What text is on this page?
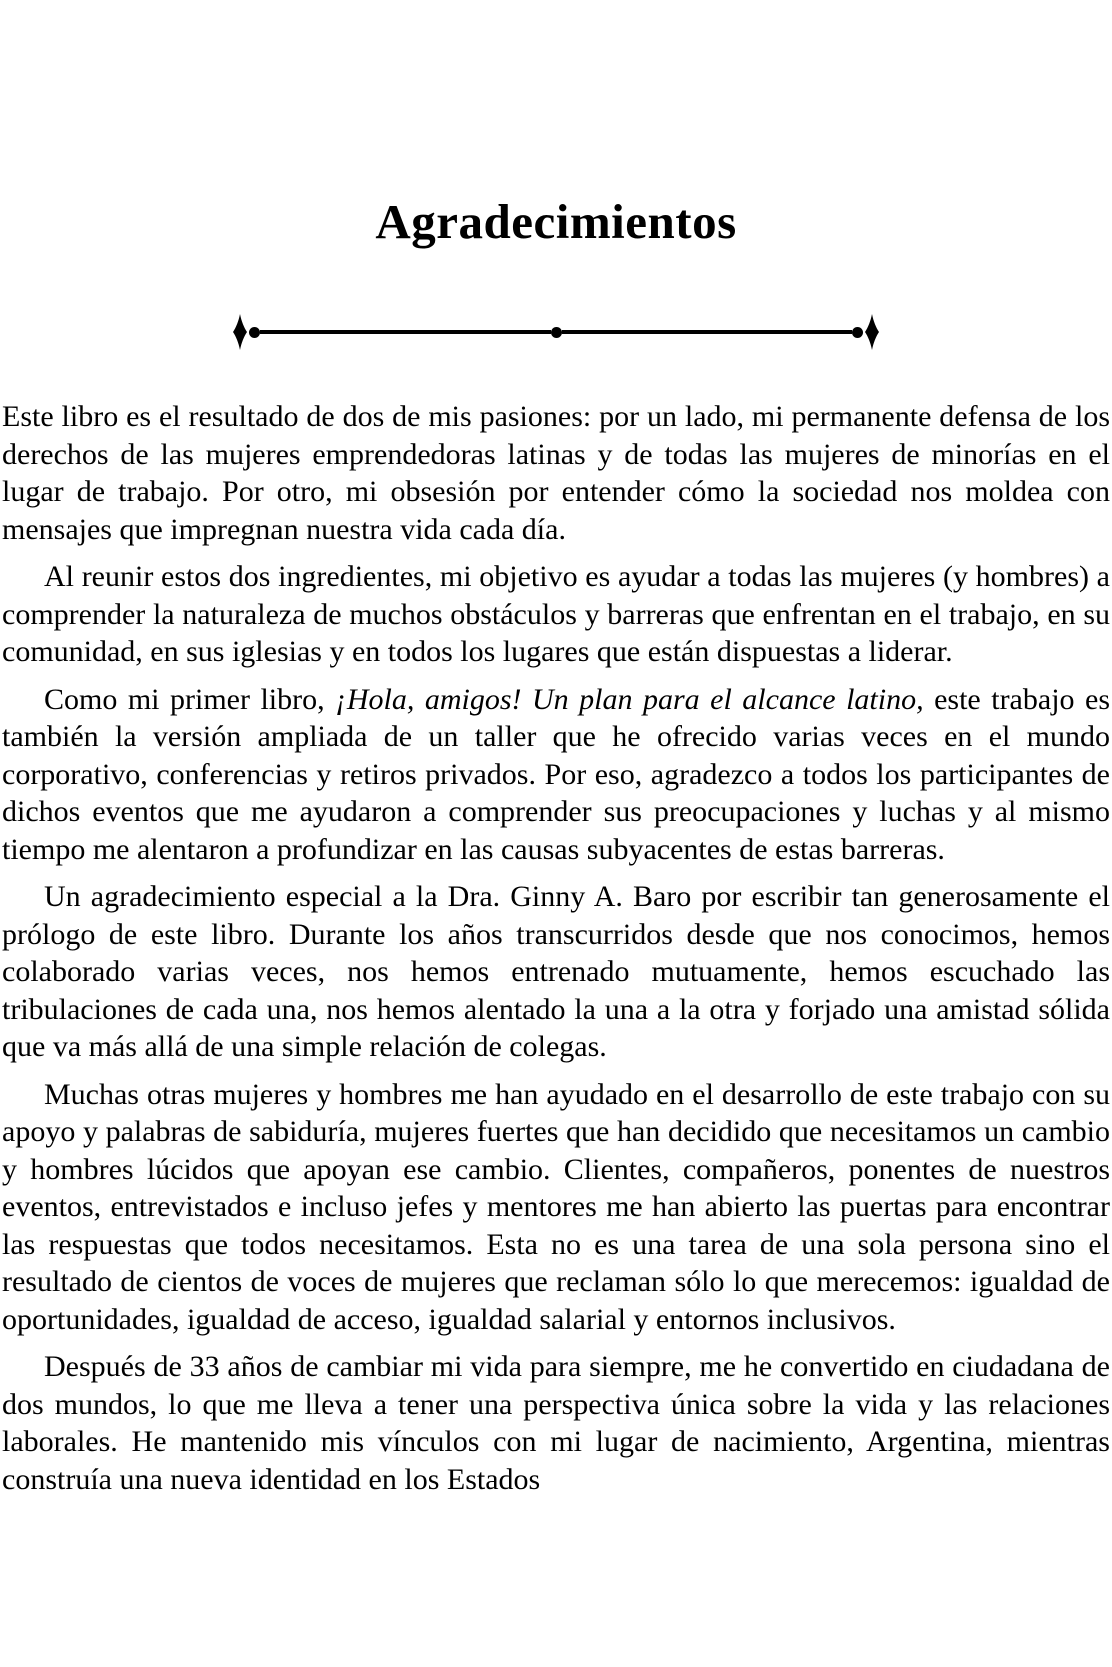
Agradecimientos

Este libro es el resultado de dos de mis pasiones: por un lado, mi permanente defensa de los derechos de las mujeres emprendedoras latinas y de todas las mujeres de minorías en el lugar de trabajo. Por otro, mi obsesión por entender cómo la sociedad nos moldea con mensajes que impregnan nuestra vida cada día.

Al reunir estos dos ingredientes, mi objetivo es ayudar a todas las mujeres (y hombres) a comprender la naturaleza de muchos obstáculos y barreras que enfrentan en el trabajo, en su comunidad, en sus iglesias y en todos los lugares que están dispuestas a liderar.

Como mi primer libro, ¡Hola, amigos! Un plan para el alcance latino, este trabajo es también la versión ampliada de un taller que he ofrecido varias veces en el mundo corporativo, conferencias y retiros privados. Por eso, agradezco a todos los participantes de dichos eventos que me ayudaron a comprender sus preocupaciones y luchas y al mismo tiempo me alentaron a profundizar en las causas subyacentes de estas barreras.

Un agradecimiento especial a la Dra. Ginny A. Baro por escribir tan generosamente el prólogo de este libro. Durante los años transcurridos desde que nos conocimos, hemos colaborado varias veces, nos hemos entrenado mutuamente, hemos escuchado las tribulaciones de cada una, nos hemos alentado la una a la otra y forjado una amistad sólida que va más allá de una simple relación de colegas.

Muchas otras mujeres y hombres me han ayudado en el desarrollo de este trabajo con su apoyo y palabras de sabiduría, mujeres fuertes que han decidido que necesitamos un cambio y hombres lúcidos que apoyan ese cambio. Clientes, compañeros, ponentes de nuestros eventos, entrevistados e incluso jefes y mentores me han abierto las puertas para encontrar las respuestas que todos necesitamos. Esta no es una tarea de una sola persona sino el resultado de cientos de voces de mujeres que reclaman sólo lo que merecemos: igualdad de oportunidades, igualdad de acceso, igualdad salarial y entornos inclusivos.

Después de 33 años de cambiar mi vida para siempre, me he convertido en ciudadana de dos mundos, lo que me lleva a tener una perspectiva única sobre la vida y las relaciones laborales. He mantenido mis vínculos con mi lugar de nacimiento, Argentina, mientras construía una nueva identidad en los Estados
